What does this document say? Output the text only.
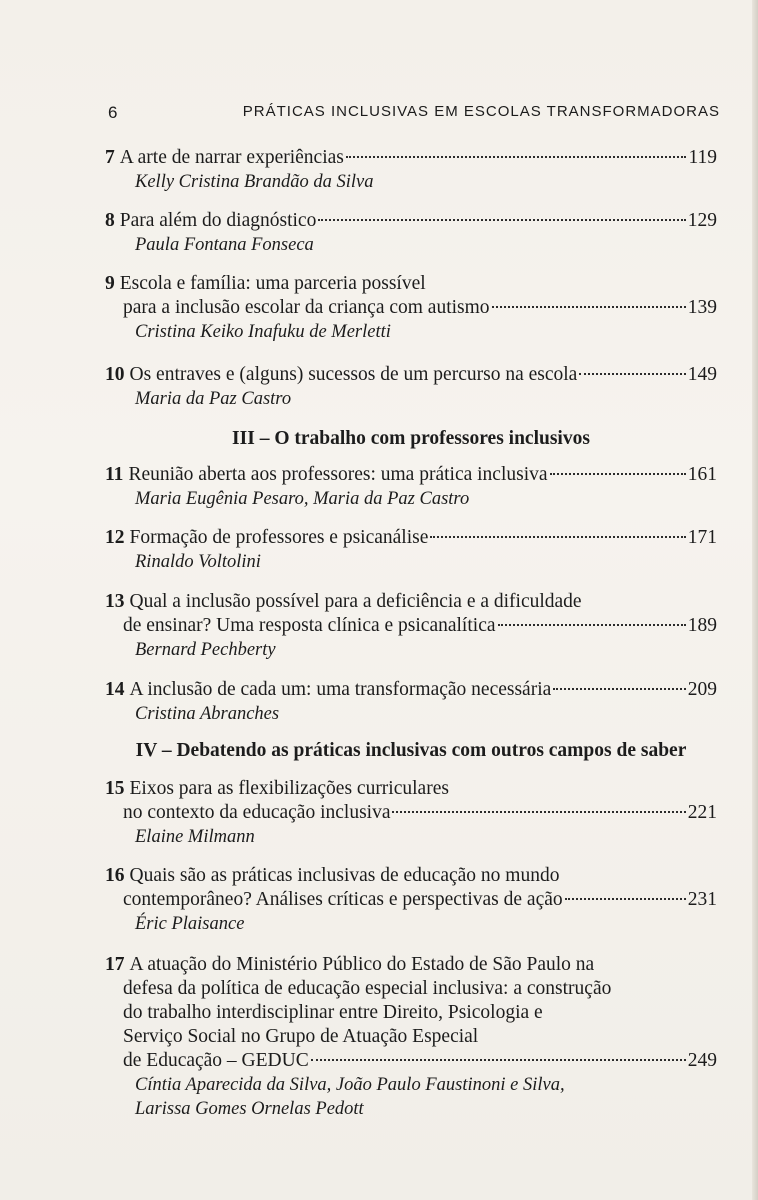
6	PRÁTICAS INCLUSIVAS EM ESCOLAS TRANSFORMADORAS
7 A arte de narrar experiências	119
Kelly Cristina Brandão da Silva
8 Para além do diagnóstico	129
Paula Fontana Fonseca
9 Escola e família: uma parceria possível
para a inclusão escolar da criança com autismo	139
Cristina Keiko Inafuku de Merletti
10 Os entraves e (alguns) sucessos de um percurso na escola	149
Maria da Paz Castro
III – O trabalho com professores inclusivos
11 Reunião aberta aos professores: uma prática inclusiva	161
Maria Eugênia Pesaro, Maria da Paz Castro
12 Formação de professores e psicanálise	171
Rinaldo Voltolini
13 Qual a inclusão possível para a deficiência e a dificuldade
de ensinar? Uma resposta clínica e psicanalítica	189
Bernard Pechberty
14 A inclusão de cada um: uma transformação necessária	209
Cristina Abranches
IV – Debatendo as práticas inclusivas com outros campos de saber
15 Eixos para as flexibilizações curriculares
no contexto da educação inclusiva	221
Elaine Milmann
16 Quais são as práticas inclusivas de educação no mundo
contemporâneo? Análises críticas e perspectivas de ação	231
Éric Plaisance
17 A atuação do Ministério Público do Estado de São Paulo na
defesa da política de educação especial inclusiva: a construção
do trabalho interdisciplinar entre Direito, Psicologia e
Serviço Social no Grupo de Atuação Especial
de Educação – GEDUC	249
Cíntia Aparecida da Silva, João Paulo Faustinoni e Silva,
Larissa Gomes Ornelas Pedott
